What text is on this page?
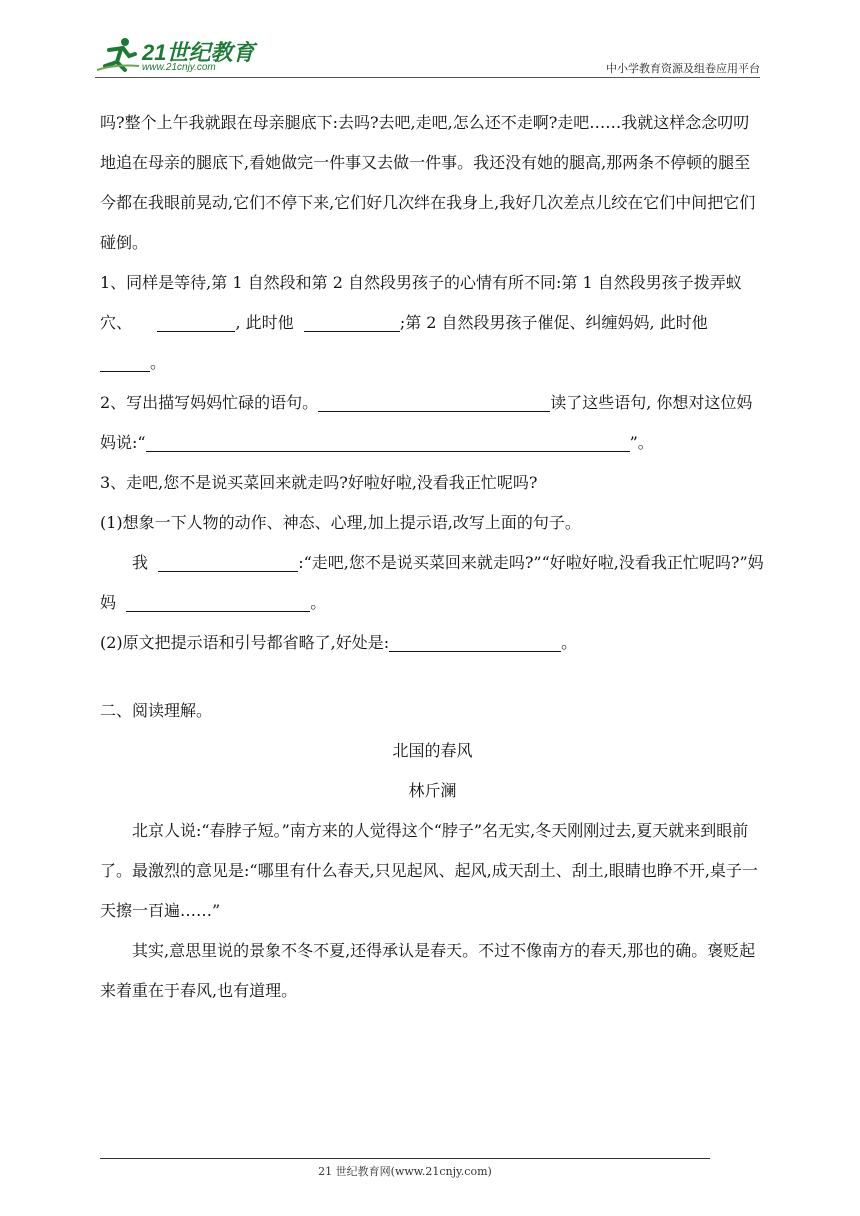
21世纪教育
www.21cnjy.com	中小学教育资源及组卷应用平台

吗?整个上午我就跟在母亲腿底下:去吗?去吧,走吧,怎么还不走啊?走吧……我就这样念念叨叨地追在母亲的腿底下,看她做完一件事又去做一件事。我还没有她的腿高,那两条不停顿的腿至今都在我眼前晃动,它们不停下来,它们好几次绊在我身上,我好几次差点儿绞在它们中间把它们碰倒。

1、同样是等待,第 1 自然段和第 2 自然段男孩子的心情有所不同:第 1 自然段男孩子拨弄蚁穴、	, 此时他	;第 2 自然段男孩子催促、纠缠妈妈, 此时他  。

2、写出描写妈妈忙碌的语句。	读了这些语句, 你想对这位妈妈说:“	”。

3、走吧,您不是说买菜回来就走吗?好啦好啦,没看我正忙呢吗?

(1)想象一下人物的动作、神态、心理,加上提示语,改写上面的句子。

我	:“走吧,您不是说买菜回来就走吗?”“好啦好啦,没看我正忙呢吗?”妈妈	。

(2)原文把提示语和引号都省略了,好处是:	。

二、阅读理解。

北国的春风

林斤澜

北京人说:“春脖子短。”南方来的人觉得这个“脖子”名无实,冬天刚刚过去,夏天就来到眼前了。最激烈的意见是:“哪里有什么春天,只见起风、起风,成天刮土、刮土,眼睛也睁不开,桌子一天擦一百遍……”

其实,意思里说的景象不冬不夏,还得承认是春天。不过不像南方的春天,那也的确。褒贬起来着重在于春风,也有道理。

21 世纪教育网(www.21cnjy.com)
